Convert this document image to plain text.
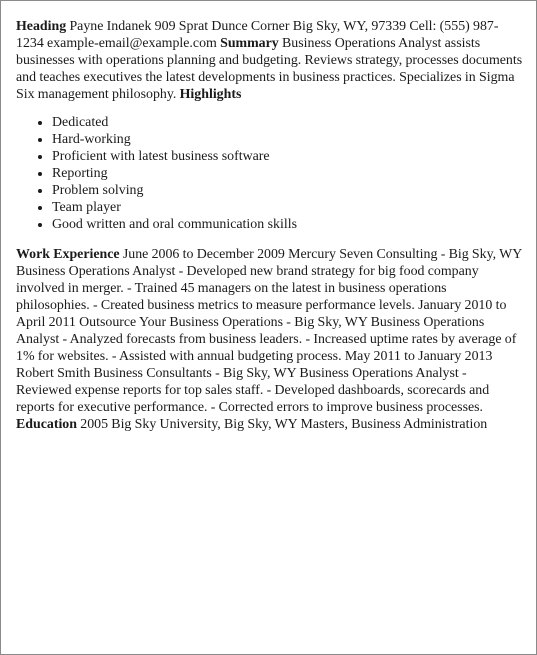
Heading Payne Indanek 909 Sprat Dunce Corner Big Sky, WY, 97339 Cell: (555) 987-1234 example-email@example.com Summary Business Operations Analyst assists businesses with operations planning and budgeting. Reviews strategy, processes documents and teaches executives the latest developments in business practices. Specializes in Sigma Six management philosophy. Highlights

• Dedicated
• Hard-working
• Proficient with latest business software
• Reporting
• Problem solving
• Team player
• Good written and oral communication skills

Work Experience June 2006 to December 2009 Mercury Seven Consulting - Big Sky, WY Business Operations Analyst - Developed new brand strategy for big food company involved in merger. - Trained 45 managers on the latest in business operations philosophies. - Created business metrics to measure performance levels. January 2010 to April 2011 Outsource Your Business Operations - Big Sky, WY Business Operations Analyst - Analyzed forecasts from business leaders. - Increased uptime rates by average of 1% for websites. - Assisted with annual budgeting process. May 2011 to January 2013 Robert Smith Business Consultants - Big Sky, WY Business Operations Analyst - Reviewed expense reports for top sales staff. - Developed dashboards, scorecards and reports for executive performance. - Corrected errors to improve business processes. Education 2005 Big Sky University, Big Sky, WY Masters, Business Administration
